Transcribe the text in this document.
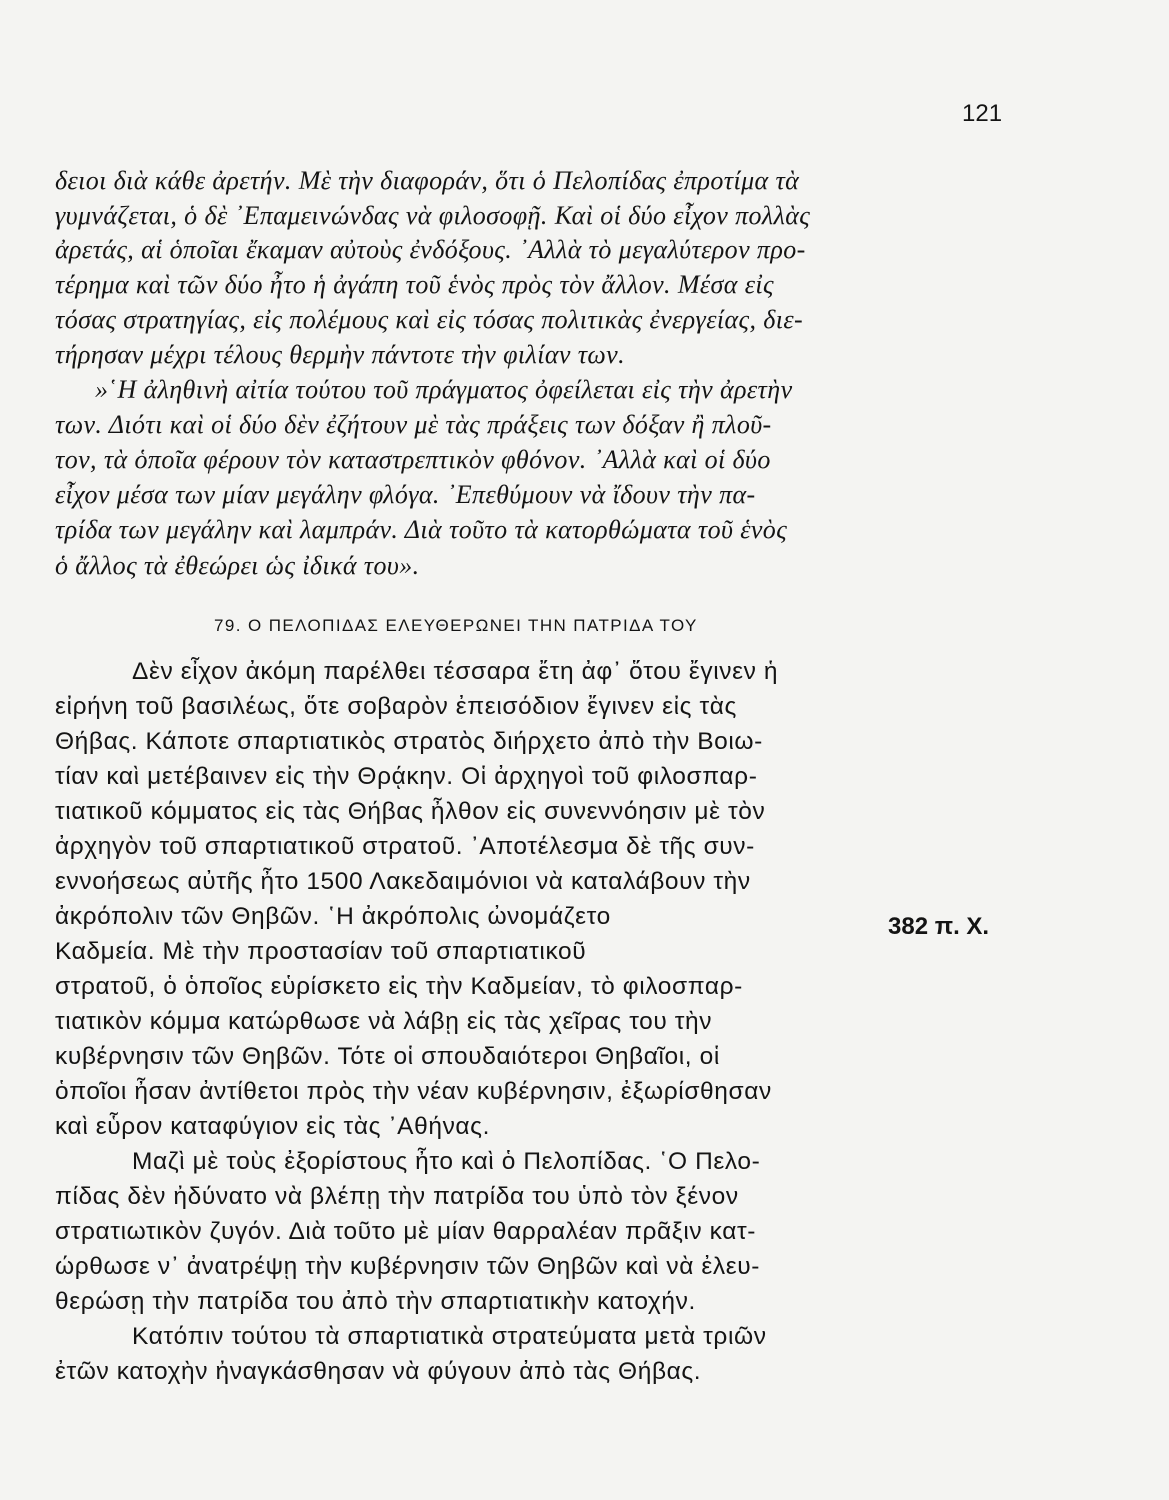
121
δειοι διὰ κάθε ἀρετήν. Μὲ τὴν διαφοράν, ὅτι ὁ Πελοπίδας ἐπροτίμα τὰ
γυμνάζεται, ὁ δὲ ᾿Επαμεινώνδας νὰ φιλοσοφῇ. Καὶ οἱ δύο εἶχον πολλὰς
ἀρετάς, αἱ ὁποῖαι ἔκαμαν αὐτοὺς ἐνδόξους. ᾿Αλλὰ τὸ μεγαλύτερον προ-
τέρημα καὶ τῶν δύο ἦτο ἡ ἀγάπη τοῦ ἑνὸς πρὸς τὸν ἄλλον. Μέσα εἰς
τόσας στρατηγίας, εἰς πολέμους καὶ εἰς τόσας πολιτικὰς ἐνεργείας, διε-
τήρησαν μέχρι τέλους θερμὴν πάντοτε τὴν φιλίαν των.
»῾Η ἀληθινὴ αἰτία τούτου τοῦ πράγματος ὀφείλεται εἰς τὴν ἀρετὴν
των. Διότι καὶ οἱ δύο δὲν ἐζήτουν μὲ τὰς πράξεις των δόξαν ἢ πλοῦ-
τον, τὰ ὁποῖα φέρουν τὸν καταστρεπτικὸν φθόνον. ᾿Αλλὰ καὶ οἱ δύο
εἶχον μέσα των μίαν μεγάλην φλόγα. ᾿Επεθύμουν νὰ ἴδουν τὴν πα-
τρίδα των μεγάλην καὶ λαμπράν. Διὰ τοῦτο τὰ κατορθώματα τοῦ ἑνὸς
ὁ ἄλλος τὰ ἐθεώρει ὡς ἰδικά του».
79. Ο ΠΕΛΟΠΙΔΑΣ ΕΛΕΥΘΕΡΩΝΕΙ ΤΗΝ ΠΑΤΡΙΔΑ ΤΟΥ
Δὲν εἶχον ἀκόμη παρέλθει τέσσαρα ἔτη ἀφ᾿ ὅτου ἔγινεν ἡ
εἰρήνη τοῦ βασιλέως, ὅτε σοβαρὸν ἐπεισόδιον ἔγινεν εἰς τὰς
Θήβας. Κάποτε σπαρτιατικὸς στρατὸς διήρχετο ἀπὸ τὴν Βοιω-
τίαν καὶ μετέβαινεν εἰς τὴν Θρᾴκην. Οἱ ἀρχηγοὶ τοῦ φιλοσπαρ-
τιατικοῦ κόμματος εἰς τὰς Θήβας ἦλθον εἰς συνεννόησιν μὲ τὸν
ἀρχηγὸν τοῦ σπαρτιατικοῦ στρατοῦ. ᾿Αποτέλεσμα δὲ τῆς συν-
εννοήσεως αὐτῆς ἦτο 1500 Λακεδαιμόνιοι νὰ καταλάβουν τὴν
ἀκρόπολιν τῶν Θηβῶν. ῾Η ἀκρόπολις ὠνομάζετο
Καδμεία. Μὲ τὴν προστασίαν τοῦ σπαρτιατικοῦ
στρατοῦ, ὁ ὁποῖος εὑρίσκετο εἰς τὴν Καδμείαν, τὸ φιλοσπαρ-
τιατικὸν κόμμα κατώρθωσε νὰ λάβῃ εἰς τὰς χεῖρας του τὴν
κυβέρνησιν τῶν Θηβῶν. Τότε οἱ σπουδαιότεροι Θηβαῖοι, οἱ
ὁποῖοι ἦσαν ἀντίθετοι πρὸς τὴν νέαν κυβέρνησιν, ἐξωρίσθησαν
καὶ εὗρον καταφύγιον εἰς τὰς ᾿Αθήνας.
Μαζὶ μὲ τοὺς ἐξορίστους ἦτο καὶ ὁ Πελοπίδας. ῾Ο Πελο-
πίδας δὲν ἠδύνατο νὰ βλέπῃ τὴν πατρίδα του ὑπὸ τὸν ξένον
στρατιωτικὸν ζυγόν. Διὰ τοῦτο μὲ μίαν θαρραλέαν πρᾶξιν κατ-
ώρθωσε ν᾿ ἀνατρέψῃ τὴν κυβέρνησιν τῶν Θηβῶν καὶ νὰ ἐλευ-
θερώσῃ τὴν πατρίδα του ἀπὸ τὴν σπαρτιατικὴν κατοχήν.
Κατόπιν τούτου τὰ σπαρτιατικὰ στρατεύματα μετὰ τριῶν
ἐτῶν κατοχὴν ἠναγκάσθησαν νὰ φύγουν ἀπὸ τὰς Θήβας.
382 π. Χ.
